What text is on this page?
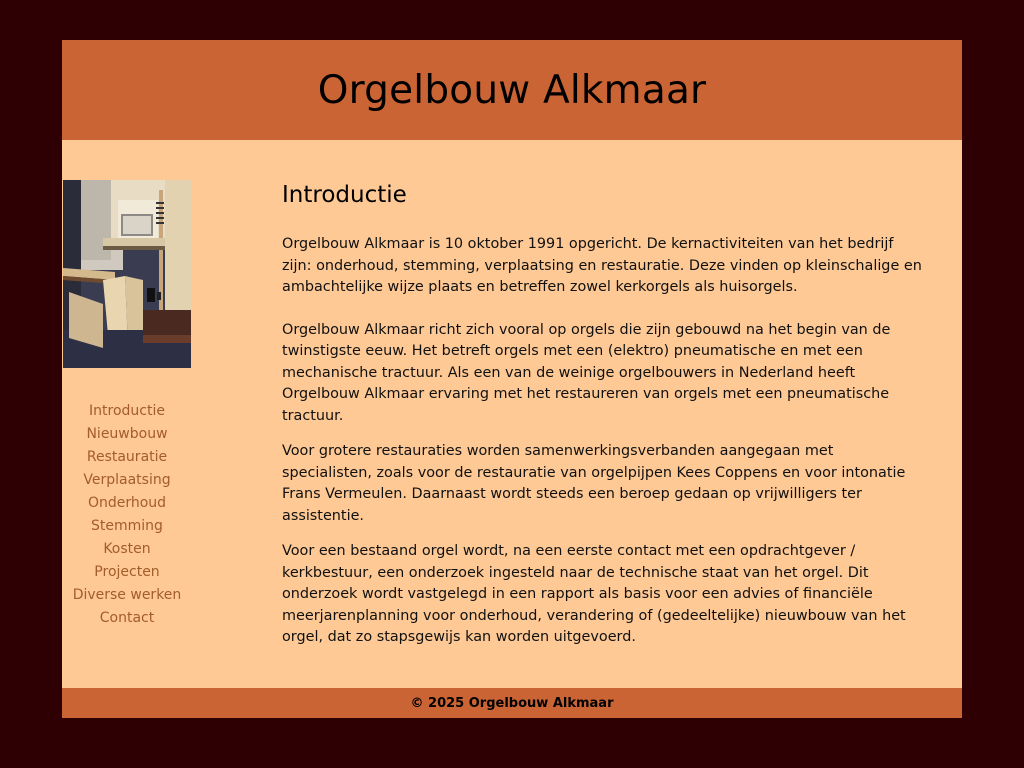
Orgelbouw Alkmaar
Introductie
Nieuwbouw
Restauratie
Verplaatsing
Onderhoud
Stemming
Kosten
Projecten
Diverse werken
Contact
Introductie

Orgelbouw Alkmaar is 10 oktober 1991 opgericht. De kernactiviteiten van het bedrijf zijn: onderhoud, stemming, verplaatsing en restauratie. Deze vinden op kleinschalige en ambachtelijke wijze plaats en betreffen zowel kerkorgels als huisorgels.

Orgelbouw Alkmaar richt zich vooral op orgels die zijn gebouwd na het begin van de twinstigste eeuw. Het betreft orgels met een (elektro) pneumatische en met een mechanische tractuur. Als een van de weinige orgelbouwers in Nederland heeft Orgelbouw Alkmaar ervaring met het restaureren van orgels met een pneumatische tractuur.

Voor grotere restauraties worden samenwerkingsverbanden aangegaan met specialisten, zoals voor de restauratie van orgelpijpen Kees Coppens en voor intonatie Frans Vermeulen. Daarnaast wordt steeds een beroep gedaan op vrijwilligers ter assistentie.

Voor een bestaand orgel wordt, na een eerste contact met een opdrachtgever / kerkbestuur, een onderzoek ingesteld naar de technische staat van het orgel. Dit onderzoek wordt vastgelegd in een rapport als basis voor een advies of financiële meerjarenplanning voor onderhoud, verandering of (gedeeltelijke) nieuwbouw van het orgel, dat zo stapsgewijs kan worden uitgevoerd.

© 2025 Orgelbouw Alkmaar
